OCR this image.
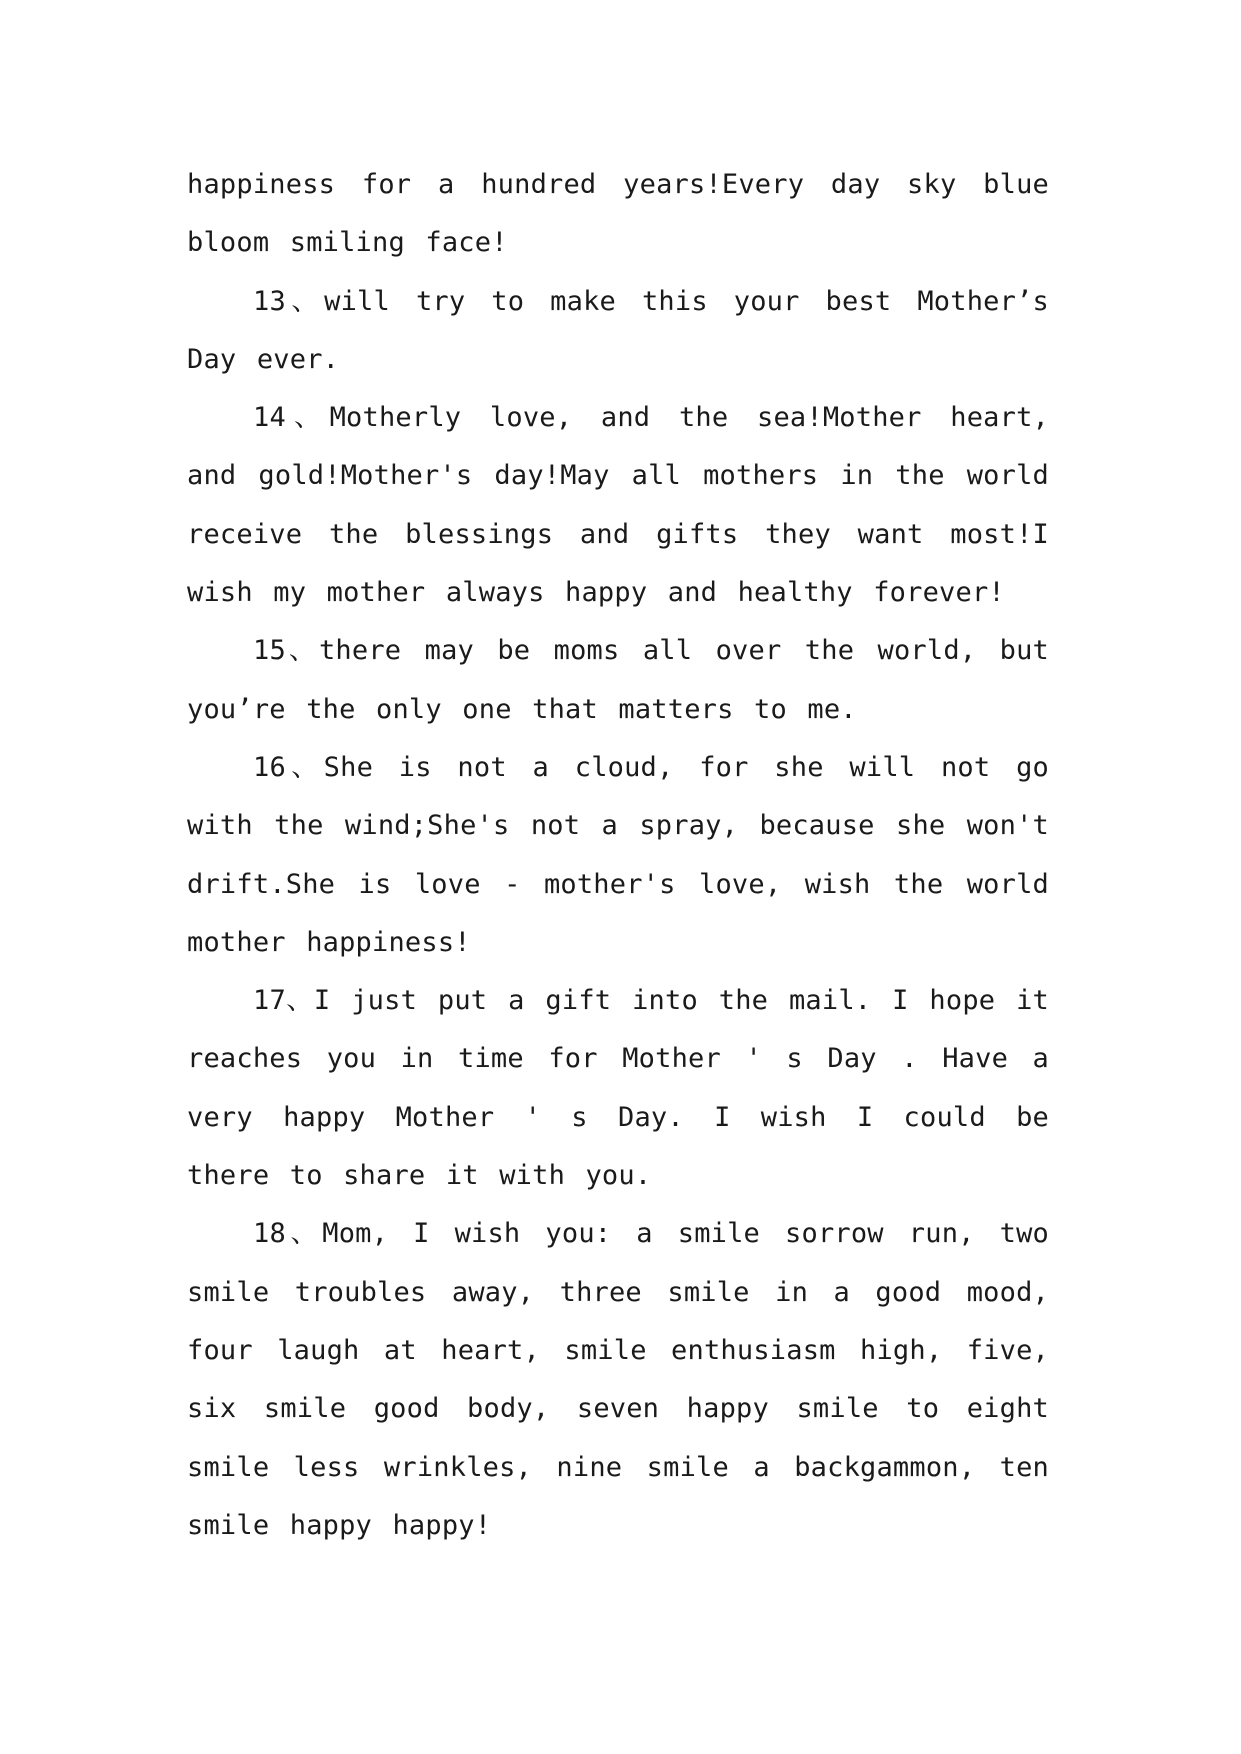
happiness for a hundred years!Every day sky blue bloom smiling face!

13、will try to make this your best Mother’s Day ever.

14、Motherly love, and the sea!Mother heart, and gold!Mother's day!May all mothers in the world receive the blessings and gifts they want most!I wish my mother always happy and healthy forever!

15、there may be moms all over the world, but you’re the only one that matters to me.

16、She is not a cloud, for she will not go with the wind;She's not a spray, because she won't drift.She is love - mother's love, wish the world mother happiness!

17、I just put a gift into the mail. I hope it reaches you in time for Mother ' s Day . Have a very happy Mother ' s Day. I wish I could be there to share it with you.

18、Mom, I wish you: a smile sorrow run, two smile troubles away, three smile in a good mood, four laugh at heart, smile enthusiasm high, five, six smile good body, seven happy smile to eight smile less wrinkles, nine smile a backgammon, ten smile happy happy!
